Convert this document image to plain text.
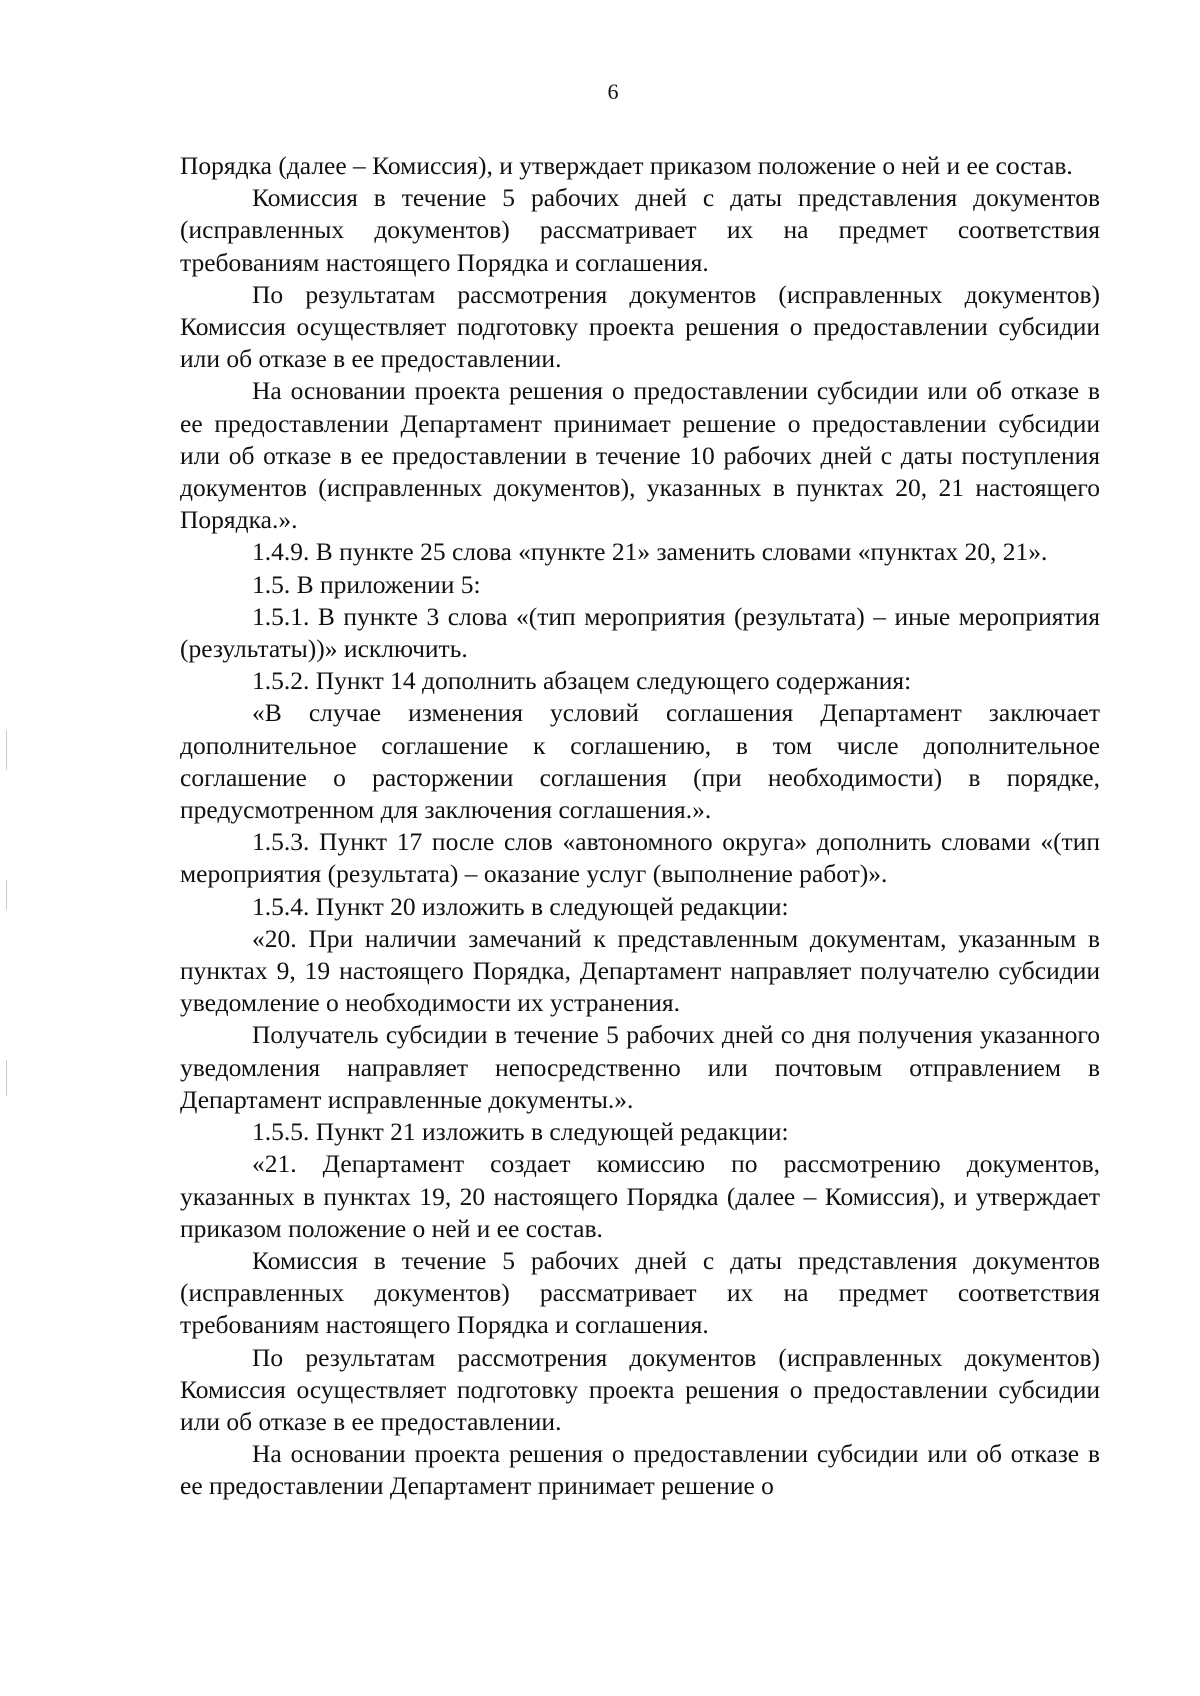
6

Порядка (далее – Комиссия), и утверждает приказом положение о ней и ее состав.

Комиссия в течение 5 рабочих дней с даты представления документов (исправленных документов) рассматривает их на предмет соответствия требованиям настоящего Порядка и соглашения.

По результатам рассмотрения документов (исправленных документов) Комиссия осуществляет подготовку проекта решения о предоставлении субсидии или об отказе в ее предоставлении.

На основании проекта решения о предоставлении субсидии или об отказе в ее предоставлении Департамент принимает решение о предоставлении субсидии или об отказе в ее предоставлении в течение 10 рабочих дней с даты поступления документов (исправленных документов), указанных в пунктах 20, 21 настоящего Порядка.».

1.4.9. В пункте 25 слова «пункте 21» заменить словами «пунктах 20, 21».

1.5. В приложении 5:

1.5.1. В пункте 3 слова «(тип мероприятия (результата) – иные мероприятия (результаты))» исключить.

1.5.2. Пункт 14 дополнить абзацем следующего содержания:

«В случае изменения условий соглашения Департамент заключает дополнительное соглашение к соглашению, в том числе дополнительное соглашение о расторжении соглашения (при необходимости) в порядке, предусмотренном для заключения соглашения.».

1.5.3. Пункт 17 после слов «автономного округа» дополнить словами «(тип мероприятия (результата) – оказание услуг (выполнение работ)».

1.5.4. Пункт 20 изложить в следующей редакции:

«20. При наличии замечаний к представленным документам, указанным в пунктах 9, 19 настоящего Порядка, Департамент направляет получателю субсидии уведомление о необходимости их устранения.

Получатель субсидии в течение 5 рабочих дней со дня получения указанного уведомления направляет непосредственно или почтовым отправлением в Департамент исправленные документы.».

1.5.5. Пункт 21 изложить в следующей редакции:

«21. Департамент создает комиссию по рассмотрению документов, указанных в пунктах 19, 20 настоящего Порядка (далее – Комиссия), и утверждает приказом положение о ней и ее состав.

Комиссия в течение 5 рабочих дней с даты представления документов (исправленных документов) рассматривает их на предмет соответствия требованиям настоящего Порядка и соглашения.

По результатам рассмотрения документов (исправленных документов) Комиссия осуществляет подготовку проекта решения о предоставлении субсидии или об отказе в ее предоставлении.

На основании проекта решения о предоставлении субсидии или об отказе в ее предоставлении Департамент принимает решение о
